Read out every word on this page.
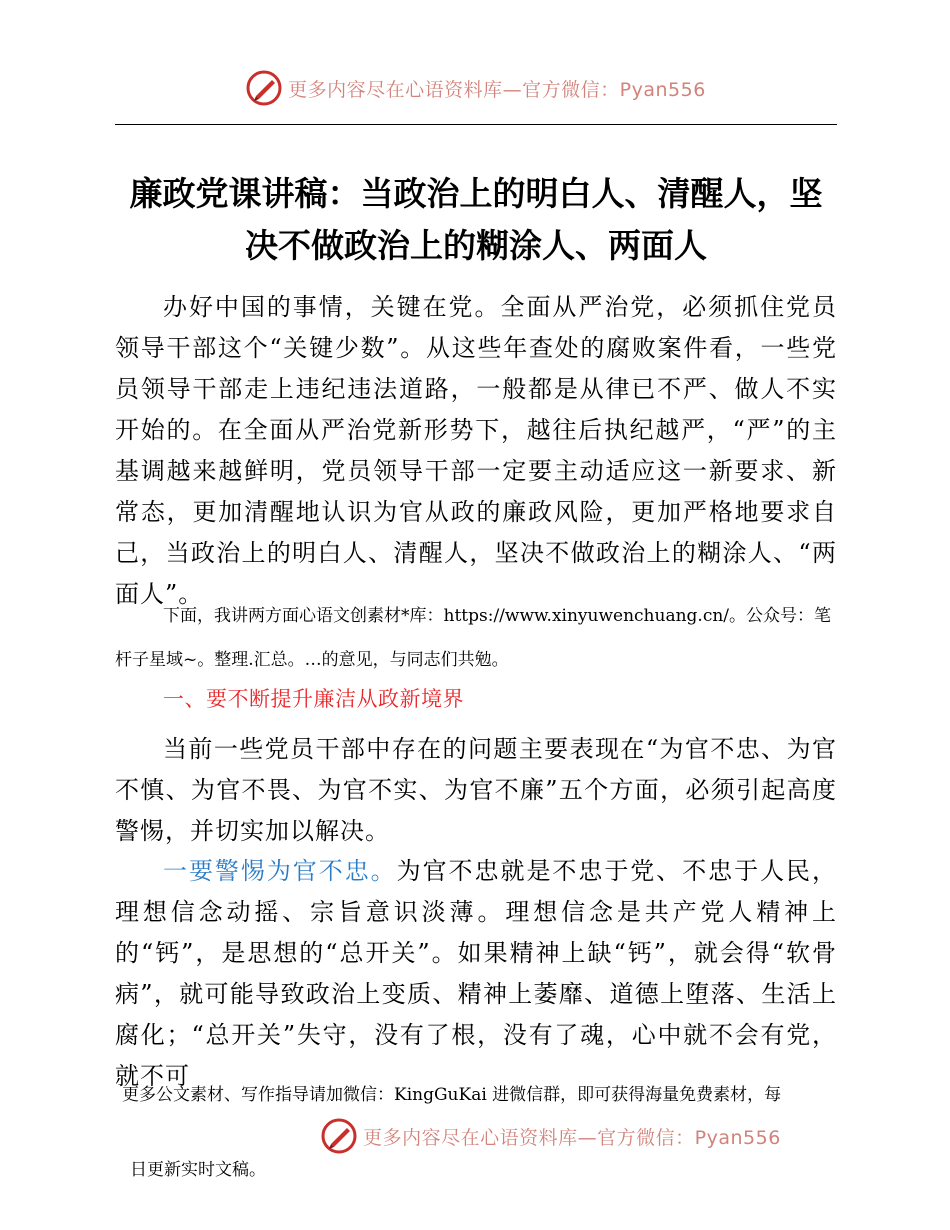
更多内容尽在心语资料库—官方微信：Pyan556
廉政党课讲稿：当政治上的明白人、清醒人，坚决不做政治上的糊涂人、两面人
办好中国的事情，关键在党。全面从严治党，必须抓住党员领导干部这个“关键少数”。从这些年查处的腐败案件看，一些党员领导干部走上违纪违法道路，一般都是从律已不严、做人不实开始的。在全面从严治党新形势下，越往后执纪越严，“严”的主基调越来越鲜明，党员领导干部一定要主动适应这一新要求、新常态，更加清醒地认识为官从政的廉政风险，更加严格地要求自己，当政治上的明白人、清醒人，坚决不做政治上的糊涂人、“两面人”。
下面，我讲两方面心语文创素材*库：https://www.xinyuwenchuang.cn/。公众号：笔杆子星域~。整理.汇总。…的意见，与同志们共勉。
一、要不断提升廉洁从政新境界
当前一些党员干部中存在的问题主要表现在“为官不忠、为官不慎、为官不畏、为官不实、为官不廉”五个方面，必须引起高度警惕，并切实加以解决。
一要警惕为官不忠。为官不忠就是不忠于党、不忠于人民，理想信念动摇、宗旨意识淡薄。理想信念是共产党人精神上的“钙”，是思想的“总开关”。如果精神上缺“钙”，就会得“软骨病”，就可能导致政治上变质、精神上萎靡、道德上堕落、生活上腐化；“总开关”失守，没有了根，没有了魂，心中就不会有党，就不可
更多公文素材、写作指导请加微信：KingGuKai 进微信群，即可获得海量免费素材，每
更多内容尽在心语资料库—官方微信：Pyan556
日更新实时文稿。
